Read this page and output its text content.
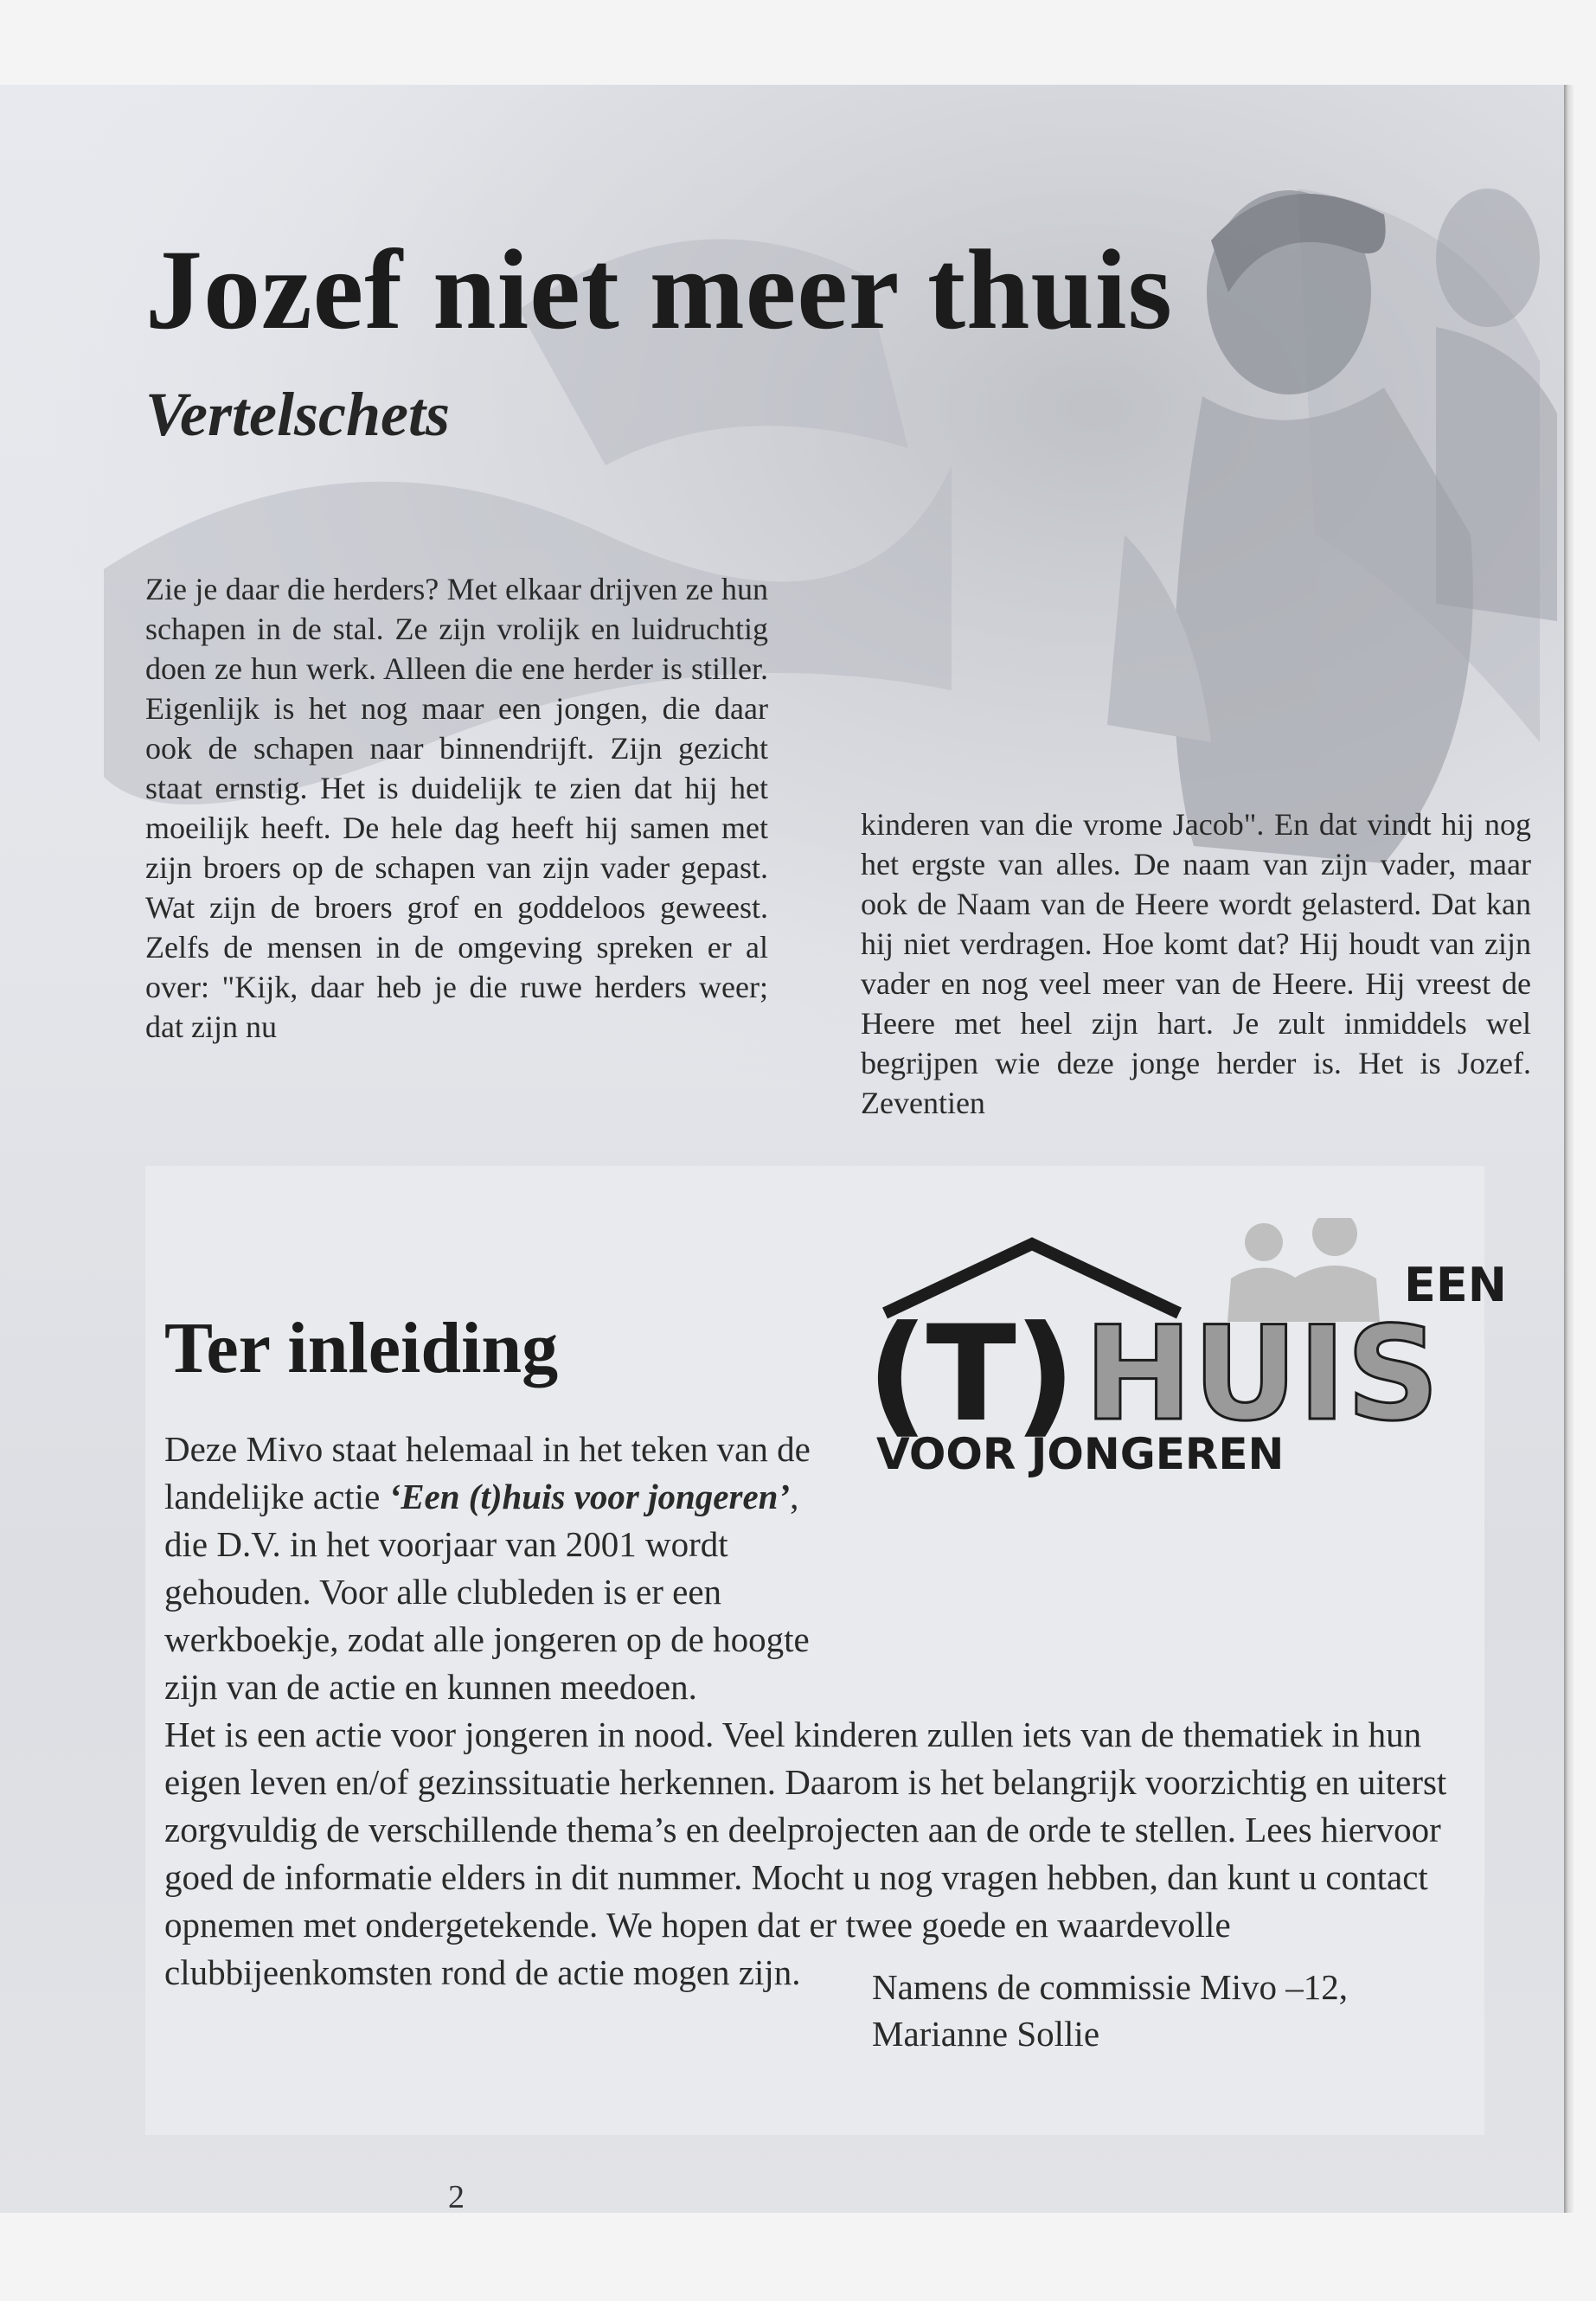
Jozef niet meer thuis
Vertelschets

Zie je daar die herders? Met elkaar drijven ze hun schapen in de stal. Ze zijn vrolijk en luidruchtig doen ze hun werk. Alleen die ene herder is stiller. Eigenlijk is het nog maar een jongen, die daar ook de schapen naar binnendrijft. Zijn gezicht staat ernstig. Het is duidelijk te zien dat hij het moeilijk heeft. De hele dag heeft hij samen met zijn broers op de schapen van zijn vader gepast. Wat zijn de broers grof en goddeloos geweest. Zelfs de mensen in de omgeving spreken er al over: "Kijk, daar heb je die ruwe herders weer; dat zijn nu

kinderen van die vrome Jacob". En dat vindt hij nog het ergste van alles. De naam van zijn vader, maar ook de Naam van de Heere wordt gelasterd. Dat kan hij niet verdragen. Hoe komt dat? Hij houdt van zijn vader en nog veel meer van de Heere. Hij vreest de Heere met heel zijn hart. Je zult inmiddels wel begrijpen wie deze jonge herder is. Het is Jozef. Zeventien

EEN
(T) HUIS
VOOR JONGEREN
Ter inleiding

Deze Mivo staat helemaal in het teken van de landelijke actie ‘Een (t)huis voor jongeren’, die D.V. in het voorjaar van 2001 wordt gehouden. Voor alle clubleden is er een werkboekje, zodat alle jongeren op de hoogte zijn van de actie en kunnen meedoen.

Het is een actie voor jongeren in nood. Veel kinderen zullen iets van de thematiek in hun eigen leven en/of gezinssituatie herkennen. Daarom is het belangrijk voorzichtig en uiterst zorgvuldig de verschillende thema’s en deelprojecten aan de orde te stellen. Lees hiervoor goed de informatie elders in dit nummer. Mocht u nog vragen hebben, dan kunt u contact opnemen met ondergetekende. We hopen dat er twee goede en waardevolle clubbijeenkomsten rond de actie mogen zijn.	Namens de commissie Mivo –12,
Marianne Sollie
2
